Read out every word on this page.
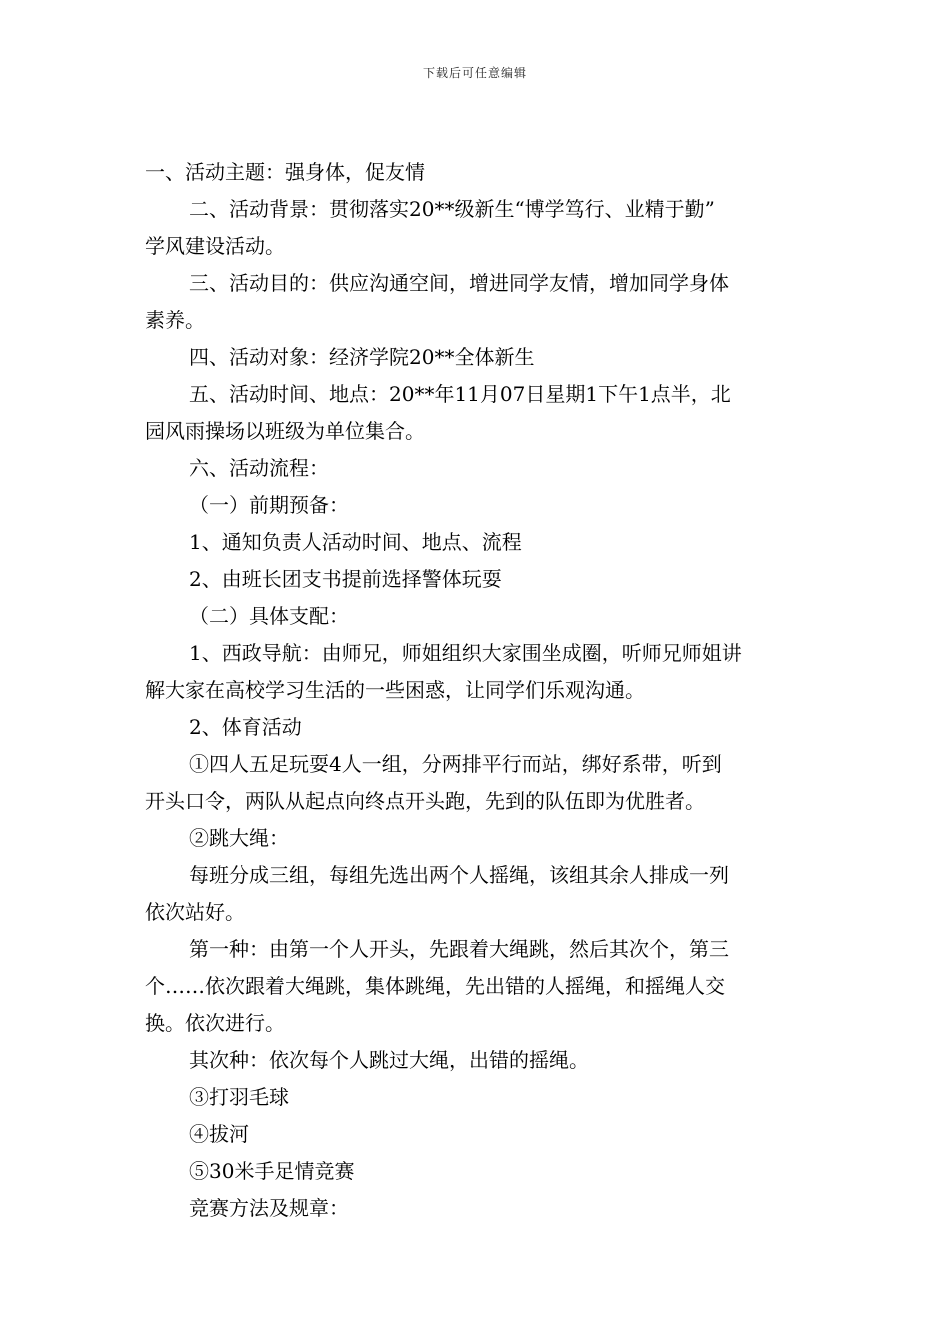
下载后可任意编辑

一、活动主题：强身体，促友情

二、活动背景：贯彻落实20**级新生“博学笃行、业精于勤”

学风建设活动。

三、活动目的：供应沟通空间，增进同学友情，增加同学身体

素养。

四、活动对象：经济学院20**全体新生

五、活动时间、地点：20**年11月07日星期1下午1点半，北

园风雨操场以班级为单位集合。

六、活动流程：

（一）前期预备：

1、通知负责人活动时间、地点、流程

2、由班长团支书提前选择警体玩耍

（二）具体支配：

1、西政导航：由师兄，师姐组织大家围坐成圈，听师兄师姐讲

解大家在高校学习生活的一些困惑，让同学们乐观沟通。

2、体育活动

①四人五足玩耍4人一组，分两排平行而站，绑好系带，听到

开头口令，两队从起点向终点开头跑，先到的队伍即为优胜者。

②跳大绳：

每班分成三组，每组先选出两个人摇绳，该组其余人排成一列

依次站好。

第一种：由第一个人开头，先跟着大绳跳，然后其次个，第三

个……依次跟着大绳跳，集体跳绳，先出错的人摇绳，和摇绳人交

换。依次进行。

其次种：依次每个人跳过大绳，出错的摇绳。

③打羽毛球

④拔河

⑤30米手足情竞赛

竞赛方法及规章：
